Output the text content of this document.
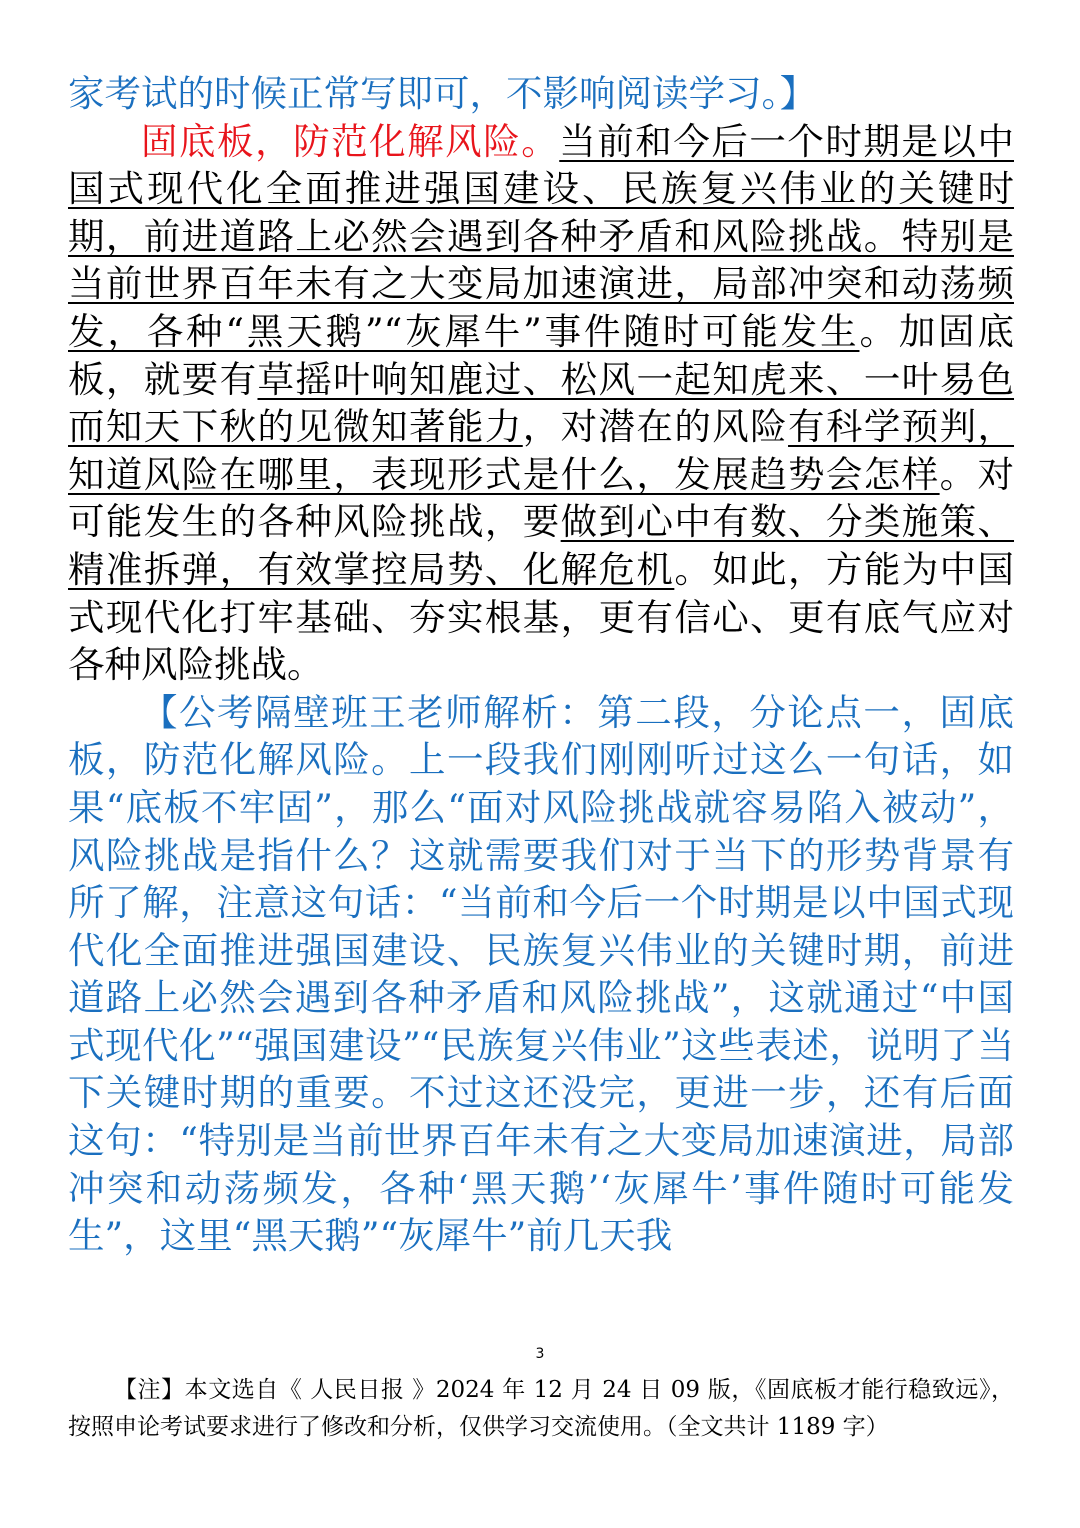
家考试的时候正常写即可，不影响阅读学习。】

固底板，防范化解风险。当前和今后一个时期是以中国式现代化全面推进强国建设、民族复兴伟业的关键时期，前进道路上必然会遇到各种矛盾和风险挑战。特别是当前世界百年未有之大变局加速演进，局部冲突和动荡频发，各种“黑天鹅”“灰犀牛”事件随时可能发生。加固底板，就要有草摇叶响知鹿过、松风一起知虎来、一叶易色而知天下秋的见微知著能力，对潜在的风险有科学预判，知道风险在哪里，表现形式是什么，发展趋势会怎样。对可能发生的各种风险挑战，要做到心中有数、分类施策、精准拆弹，有效掌控局势、化解危机。如此，方能为中国式现代化打牢基础、夯实根基，更有信心、更有底气应对各种风险挑战。

【公考隔壁班王老师解析：第二段，分论点一，固底板，防范化解风险。上一段我们刚刚听过这么一句话，如果“底板不牢固”，那么“面对风险挑战就容易陷入被动”，风险挑战是指什么？这就需要我们对于当下的形势背景有所了解，注意这句话：“当前和今后一个时期是以中国式现代化全面推进强国建设、民族复兴伟业的关键时期，前进道路上必然会遇到各种矛盾和风险挑战”，这就通过“中国式现代化”“强国建设”“民族复兴伟业”这些表述，说明了当下关键时期的重要。不过这还没完，更进一步，还有后面这句：“特别是当前世界百年未有之大变局加速演进，局部冲突和动荡频发，各种‘黑天鹅’‘灰犀牛’事件随时可能发生”，这里“黑天鹅”“灰犀牛”前几天我

3

【注】本文选自《 人民日报 》2024 年 12 月 24 日 09 版，《固底板才能行稳致远》，按照申论考试要求进行了修改和分析，仅供学习交流使用。（全文共计 1189 字）
